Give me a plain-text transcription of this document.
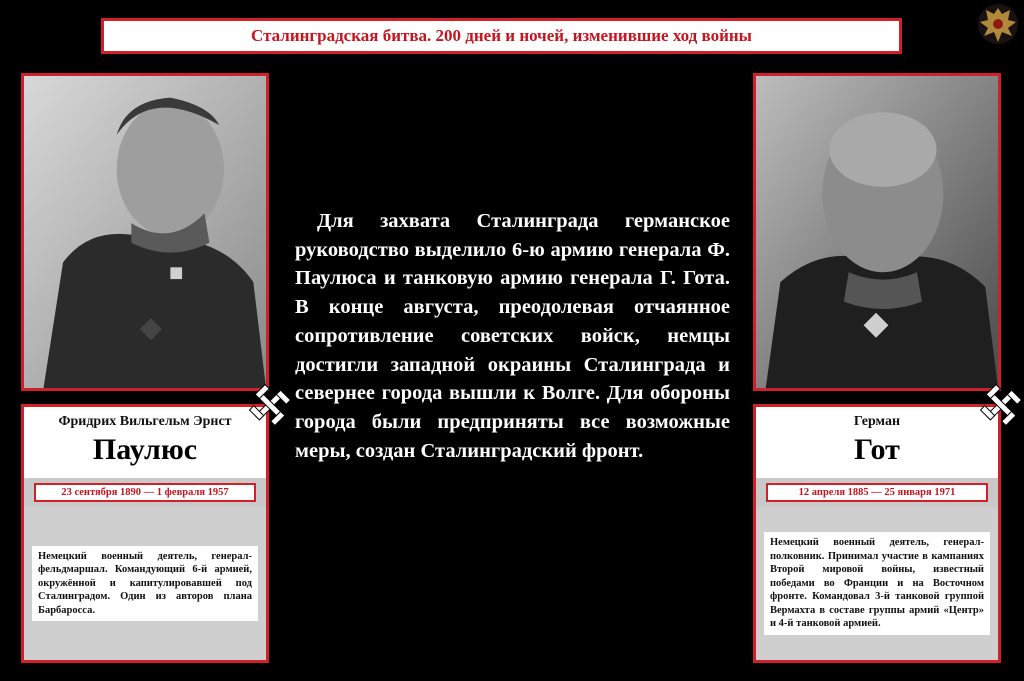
Сталинградская битва. 200 дней и ночей, изменившие ход войны
Фридрих Вильгельм Эрнст
Паулюс
23 сентября 1890 — 1 февраля 1957
Немецкий военный деятель, генерал-фельдмаршал. Командующий 6-й армией, окружённой и капитулировавшей под Сталинградом. Один из авторов плана Барбаросса.
Герман
Гот
12 апреля 1885 — 25 января 1971
Немецкий военный деятель, генерал-полковник. Принимал участие в кампаниях Второй мировой войны, известный победами во Франции и на Восточном фронте. Командовал 3-й танковой группой Вермахта в составе группы армий «Центр» и 4-й танковой армией.
Для захвата Сталинграда германское руководство выделило 6-ю армию генерала Ф. Паулюса и танковую армию генерала Г. Гота. В конце августа, преодолевая отчаянное сопротивление советских войск, немцы достигли западной окраины Сталинграда и севернее города вышли к Волге. Для обороны города были предприняты все возможные меры, создан Сталинградский фронт.
